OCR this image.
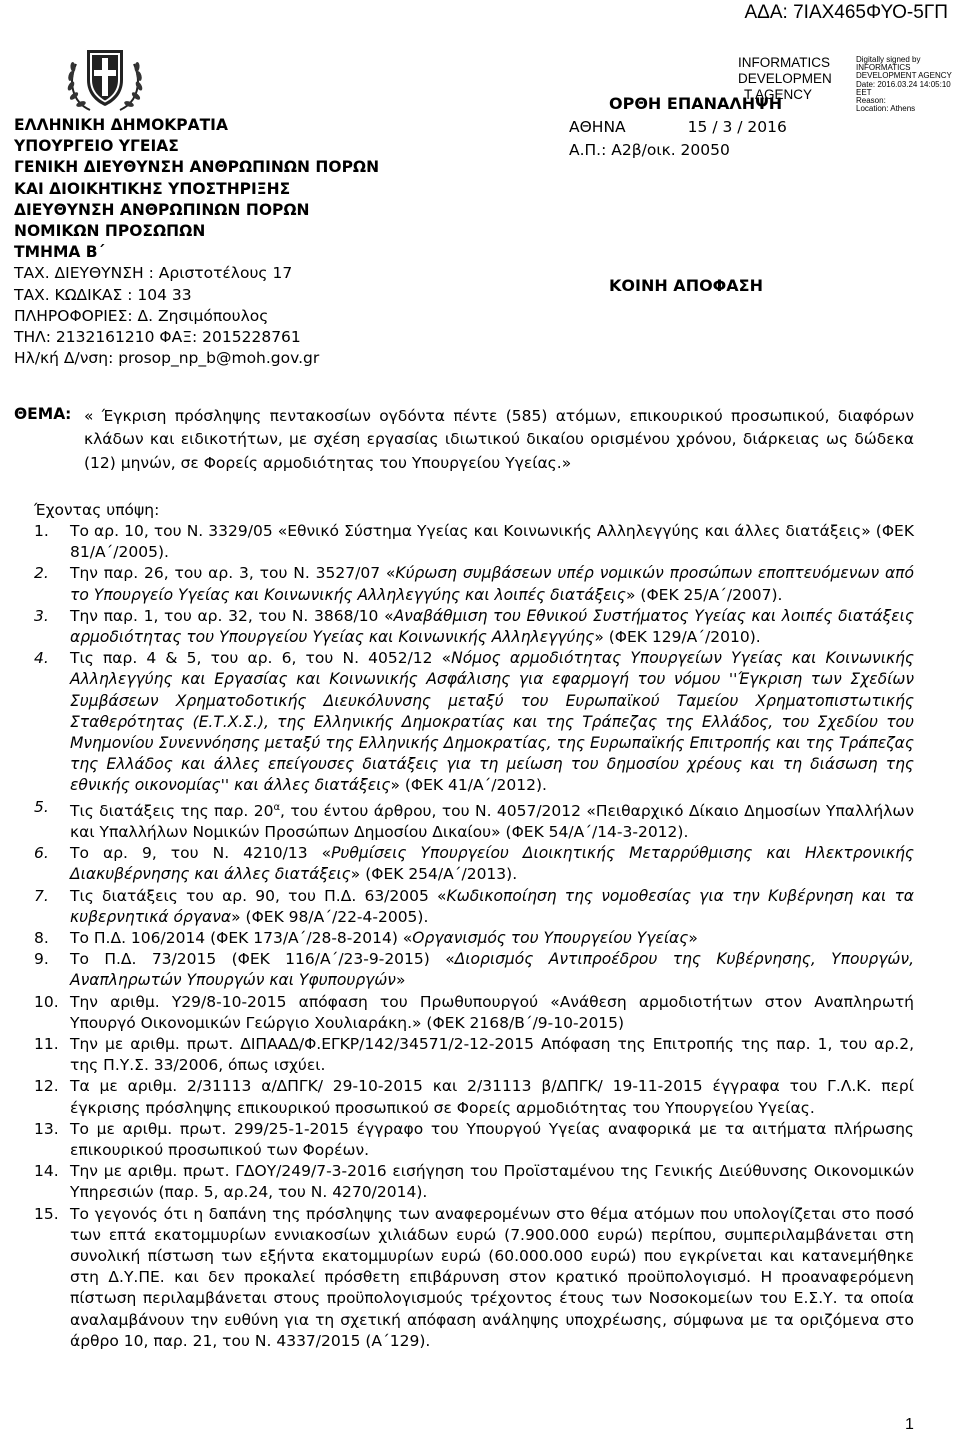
ΑΔΑ: 7ΙΑΧ465ΦΥΟ-5ΓΠ
ΕΛΛΗΝΙΚΗ ΔΗΜΟΚΡΑΤΙΑ
ΥΠΟΥΡΓΕΙΟ ΥΓΕΙΑΣ
ΓΕΝΙΚΗ ΔΙΕΥΘΥΝΣΗ ΑΝΘΡΩΠΙΝΩΝ ΠΟΡΩΝ
ΚΑΙ ΔΙΟΙΚΗΤΙΚΗΣ ΥΠΟΣΤΗΡΙΞΗΣ
ΔΙΕΥΘΥΝΣΗ ΑΝΘΡΩΠΙΝΩΝ ΠΟΡΩΝ
ΝΟΜΙΚΩΝ ΠΡΟΣΩΠΩΝ
ΤΜΗΜΑ Β΄
ΤΑΧ. ΔΙΕΥΘΥΝΣΗ : Αριστοτέλους 17
ΤΑΧ. ΚΩΔΙΚΑΣ : 104 33
ΠΛΗΡΟΦΟΡΙΕΣ: Δ. Ζησιμόπουλος
ΤΗΛ: 2132161210 ΦΑΞ: 2015228761
Ηλ/κή Δ/νση: prosop_np_b@moh.gov.gr
INFORMATICS
DEVELOPMEN
T AGENCY
Digitally signed by
INFORMATICS
DEVELOPMENT AGENCY
Date: 2016.03.24 14:05:10
EET
Reason:
Location: Athens
ΟΡΘΗ ΕΠΑΝΑΛΗΨΗ
ΑΘΗΝΑ	15 / 3 / 2016
Α.Π.: Α2β/οικ. 20050
ΚΟΙΝΗ ΑΠΟΦΑΣΗ
ΘΕΜΑ: « Έγκριση πρόσληψης πεντακοσίων ογδόντα πέντε (585) ατόμων, επικουρικού προσωπικού, διαφόρων κλάδων και ειδικοτήτων, με σχέση εργασίας ιδιωτικού δικαίου ορισμένου χρόνου, διάρκειας ως δώδεκα (12) μηνών, σε Φορείς αρμοδιότητας του Υπουργείου Υγείας.»
Έχοντας υπόψη:
1.	Το αρ. 10, του Ν. 3329/05 «Εθνικό Σύστημα Υγείας και Κοινωνικής Αλληλεγγύης και άλλες διατάξεις» (ΦΕΚ 81/Α΄/2005).
2.	Την παρ. 26, του αρ. 3, του Ν. 3527/07 «Κύρωση συμβάσεων υπέρ νομικών προσώπων εποπτευόμενων από το Υπουργείο Υγείας και Κοινωνικής Αλληλεγγύης και λοιπές διατάξεις» (ΦΕΚ 25/Α΄/2007).
3.	Την παρ. 1, του αρ. 32, του Ν. 3868/10 «Αναβάθμιση του Εθνικού Συστήματος Υγείας και λοιπές διατάξεις αρμοδιότητας του Υπουργείου Υγείας και Κοινωνικής Αλληλεγγύης» (ΦΕΚ 129/Α΄/2010).
4.	Τις παρ. 4 & 5, του αρ. 6, του Ν. 4052/12 «Νόμος αρμοδιότητας Υπουργείων Υγείας και Κοινωνικής Αλληλεγγύης και Εργασίας και Κοινωνικής Ασφάλισης για εφαρμογή του νόμου ''Έγκριση των Σχεδίων Συμβάσεων Χρηματοδοτικής Διευκόλυνσης μεταξύ του Ευρωπαϊκού Ταμείου Χρηματοπιστωτικής Σταθερότητας (Ε.Τ.Χ.Σ.), της Ελληνικής Δημοκρατίας και της Τράπεζας της Ελλάδος, του Σχεδίου του Μνημονίου Συνεννόησης μεταξύ της Ελληνικής Δημοκρατίας, της Ευρωπαϊκής Επιτροπής και της Τράπεζας της Ελλάδος και άλλες επείγουσες διατάξεις για τη μείωση του δημοσίου χρέους και τη διάσωση της εθνικής οικονομίας'' και άλλες διατάξεις» (ΦΕΚ 41/Α΄/2012).
5.	Τις διατάξεις της παρ. $20^\alpha$, του έντου άρθρου, του Ν. 4057/2012 «Πειθαρχικό Δίκαιο Δημοσίων Υπαλλήλων και Υπαλλήλων Νομικών Προσώπων Δημοσίου Δικαίου» (ΦΕΚ 54/Α΄/14-3-2012).
6.	Το αρ. 9, του Ν. 4210/13 «Ρυθμίσεις Υπουργείου Διοικητικής Μεταρρύθμισης και Ηλεκτρονικής Διακυβέρνησης και άλλες διατάξεις» (ΦΕΚ 254/Α΄/2013).
7.	Τις διατάξεις του αρ. 90, του Π.Δ. 63/2005 «Κωδικοποίηση της νομοθεσίας για την Κυβέρνηση και τα κυβερνητικά όργανα» (ΦΕΚ 98/Α΄/22-4-2005).
8.	Το Π.Δ. 106/2014 (ΦΕΚ 173/Α΄/28-8-2014) «Οργανισμός του Υπουργείου Υγείας»
9.	Το Π.Δ. 73/2015 (ΦΕΚ 116/Α΄/23-9-2015) «Διορισμός Αντιπροέδρου της Κυβέρνησης, Υπουργών, Αναπληρωτών Υπουργών και Υφυπουργών»
10. Την αριθμ. Υ29/8-10-2015 απόφαση του Πρωθυπουργού «Ανάθεση αρμοδιοτήτων στον Αναπληρωτή Υπουργό Οικονομικών Γεώργιο Χουλιαράκη.» (ΦΕΚ 2168/Β΄/9-10-2015)
11. Την με αριθμ. πρωτ. ΔΙΠΑΑΔ/Φ.ΕΓΚΡ/142/34571/2-12-2015 Απόφαση της Επιτροπής της παρ. 1, του αρ.2, της Π.Υ.Σ. 33/2006, όπως ισχύει.
12. Τα με αριθμ. 2/31113 α/ΔΠΓΚ/ 29-10-2015 και 2/31113 β/ΔΠΓΚ/ 19-11-2015 έγγραφα του Γ.Λ.Κ. περί έγκρισης πρόσληψης επικουρικού προσωπικού σε Φορείς αρμοδιότητας του Υπουργείου Υγείας.
13. Το με αριθμ. πρωτ. 299/25-1-2015 έγγραφο του Υπουργού Υγείας αναφορικά με τα αιτήματα πλήρωσης επικουρικού προσωπικού των Φορέων.
14. Την με αριθμ. πρωτ. ΓΔΟΥ/249/7-3-2016 εισήγηση του Προϊσταμένου της Γενικής Διεύθυνσης Οικονομικών Υπηρεσιών (παρ. 5, αρ.24, του Ν. 4270/2014).
15. Το γεγονός ότι η δαπάνη της πρόσληψης των αναφερομένων στο θέμα ατόμων που υπολογίζεται στο ποσό των επτά εκατομμυρίων εννιακοσίων χιλιάδων ευρώ (7.900.000 ευρώ) περίπου, συμπεριλαμβάνεται στη συνολική πίστωση των εξήντα εκατομμυρίων ευρώ (60.000.000 ευρώ) που εγκρίνεται και κατανεμήθηκε στη Δ.Υ.ΠΕ. και δεν προκαλεί πρόσθετη επιβάρυνση στον κρατικό προϋπολογισμό. Η προαναφερόμενη πίστωση περιλαμβάνεται στους προϋπολογισμούς τρέχοντος έτους των Νοσοκομείων του Ε.Σ.Υ. τα οποία αναλαμβάνουν την ευθύνη για τη σχετική απόφαση ανάληψης υποχρέωσης, σύμφωνα με τα οριζόμενα στο άρθρο 10, παρ. 21, του Ν. 4337/2015 (Α΄129).
1
